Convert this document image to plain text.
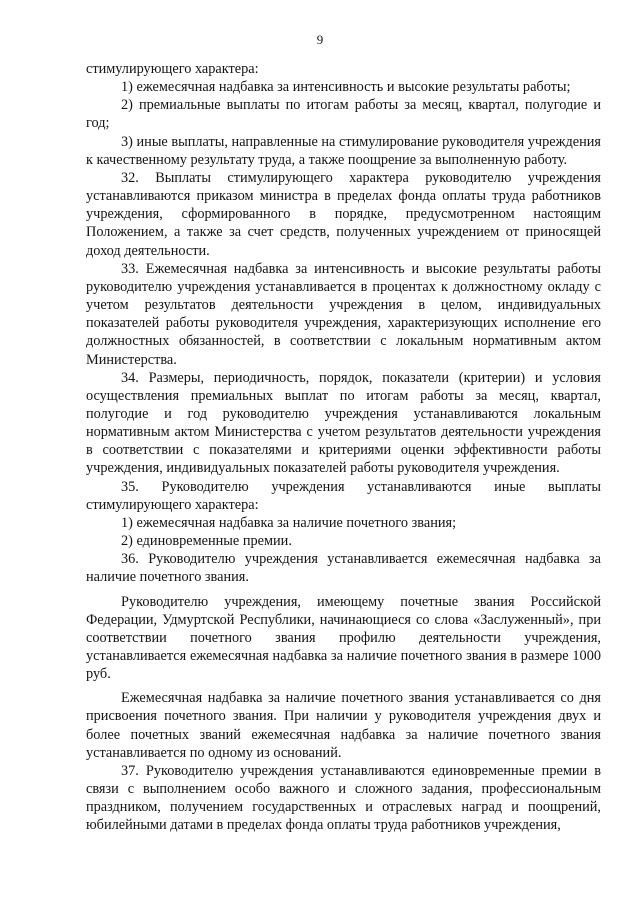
9

стимулирующего характера:

1) ежемесячная надбавка за интенсивность и высокие результаты работы;

2) премиальные выплаты по итогам работы за месяц, квартал, полугодие и год;

3) иные выплаты, направленные на стимулирование руководителя учреждения к качественному результату труда, а также поощрение за выполненную работу.

32. Выплаты стимулирующего характера руководителю учреждения устанавливаются приказом министра в пределах фонда оплаты труда работников учреждения, сформированного в порядке, предусмотренном настоящим Положением, а также за счет средств, полученных учреждением от приносящей доход деятельности.

33. Ежемесячная надбавка за интенсивность и высокие результаты работы руководителю учреждения устанавливается в процентах к должностному окладу с учетом результатов деятельности учреждения в целом, индивидуальных показателей работы руководителя учреждения, характеризующих исполнение его должностных обязанностей, в соответствии с локальным нормативным актом Министерства.

34. Размеры, периодичность, порядок, показатели (критерии) и условия осуществления премиальных выплат по итогам работы за месяц, квартал, полугодие и год руководителю учреждения устанавливаются локальным нормативным актом Министерства с учетом результатов деятельности учреждения в соответствии с показателями и критериями оценки эффективности работы учреждения, индивидуальных показателей работы руководителя учреждения.

35. Руководителю учреждения устанавливаются иные выплаты стимулирующего характера:

1) ежемесячная надбавка за наличие почетного звания;

2) единовременные премии.

36. Руководителю учреждения устанавливается ежемесячная надбавка за наличие почетного звания.

Руководителю учреждения, имеющему почетные звания Российской Федерации, Удмуртской Республики, начинающиеся со слова «Заслуженный», при соответствии почетного звания профилю деятельности учреждения, устанавливается ежемесячная надбавка за наличие почетного звания в размере 1000 руб.

Ежемесячная надбавка за наличие почетного звания устанавливается со дня присвоения почетного звания. При наличии у руководителя учреждения двух и более почетных званий ежемесячная надбавка за наличие почетного звания устанавливается по одному из оснований.

37. Руководителю учреждения устанавливаются единовременные премии в связи с выполнением особо важного и сложного задания, профессиональным праздником, получением государственных и отраслевых наград и поощрений, юбилейными датами в пределах фонда оплаты труда работников учреждения,
